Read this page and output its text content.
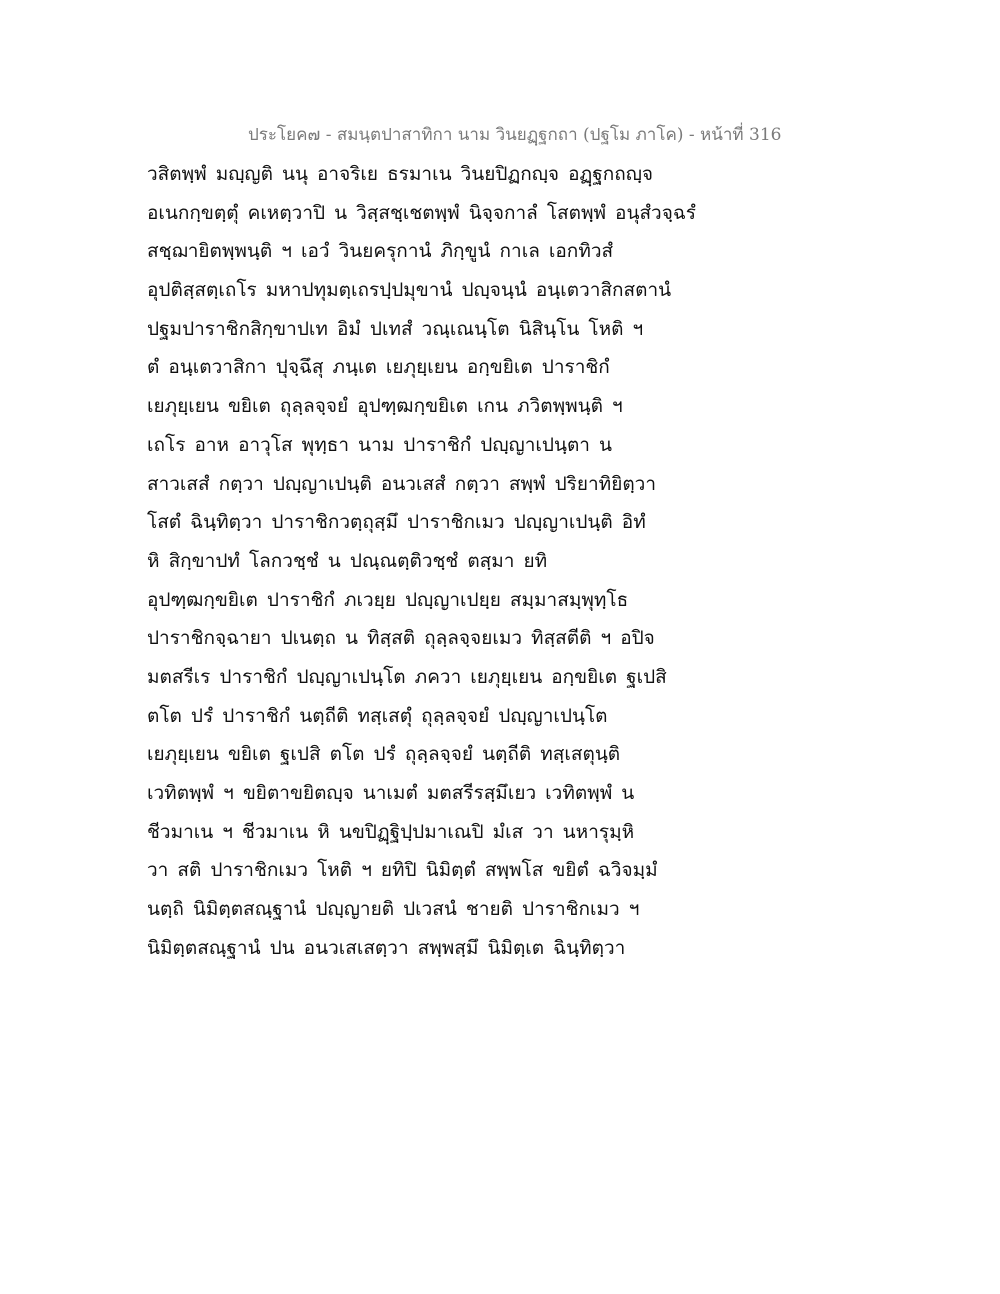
ประโยค๗ - สมนฺตปาสาทิกา นาม วินยฏฺฐกถา (ปฐโม ภาโค) - หน้าที่ 316
วสิตพฺพํ มญฺญติ นนุ อาจริเย ธรมาเน วินยปิฏกญฺจ อฏฺฐกถญฺจ
อเนกกฺขตฺตุํ คเหตฺวาปิ น วิสฺสชฺเชตพฺพํ นิจฺจกาลํ โสตพฺพํ อนุสํวจฺฉรํ
สชฺฌายิตพฺพนฺติ ฯ เอวํ วินยครุกานํ ภิกฺขูนํ กาเล เอกทิวสํ
อุปติสฺสตฺเถโร มหาปทุมตฺเถรปฺปมุขานํ ปญฺจนฺนํ อนฺเตวาสิกสตานํ
ปฐมปาราชิกสิกฺขาปเท อิมํ ปเทสํ วณฺเณนฺโต นิสินฺโน โหติ ฯ
ตํ อนฺเตวาสิกา ปุจฺฉึสุ ภนฺเต เยภุยฺเยน อกฺขยิเต ปาราชิกํ
เยภุยฺเยน ขยิเต ถุลฺลจฺจยํ อุปฑฺฒกฺขยิเต เกน ภวิตพฺพนฺติ ฯ
เถโร อาห อาวุโส พุทฺธา นาม ปาราชิกํ ปญฺญาเปนฺตา น
สาวเสสํ กตฺวา ปญฺญาเปนฺติ อนวเสสํ กตฺวา สพฺพํ ปริยาทิยิตฺวา
โสตํ ฉินฺทิตฺวา ปาราชิกวตฺถุสฺมึ ปาราชิกเมว ปญฺญาเปนฺติ อิทํ
หิ สิกฺขาปทํ โลกวชฺชํ น ปณฺณตฺติวชฺชํ ตสฺมา ยทิ
อุปฑฺฒกฺขยิเต ปาราชิกํ ภเวยฺย ปญฺญาเปยฺย สมฺมาสมฺพุทฺโธ
ปาราชิกจฺฉายา ปเนตฺถ น ทิสฺสติ ถุลฺลจฺจยเมว ทิสฺสตีติ ฯ อปิจ
มตสรีเร ปาราชิกํ ปญฺญาเปนฺโต ภควา เยภุยฺเยน อกฺขยิเต ฐเปสิ
ตโต ปรํ ปาราชิกํ นตฺถีติ ทสฺเสตุํ ถุลฺลจฺจยํ ปญฺญาเปนฺโต
เยภุยฺเยน ขยิเต ฐเปสิ ตโต ปรํ ถุลฺลจฺจยํ นตฺถีติ ทสฺเสตุนฺติ
เวทิตพฺพํ ฯ ขยิตาขยิตญฺจ นาเมตํ มตสรีรสฺมึเยว เวทิตพฺพํ น
ชีวมาเน ฯ ชีวมาเน หิ นขปิฏฺฐิปฺปมาเณปิ มํเส วา นหารุมฺหิ
วา สติ ปาราชิกเมว โหติ ฯ ยทิปิ นิมิตฺตํ สพฺพโส ขยิตํ ฉวิจมฺมํ
นตฺถิ นิมิตฺตสณฺฐานํ ปญฺญายติ ปเวสนํ ชายติ ปาราชิกเมว ฯ
นิมิตฺตสณฺฐานํ ปน อนวเสเสตฺวา สพฺพสฺมึ นิมิตฺเต ฉินฺทิตฺวา
